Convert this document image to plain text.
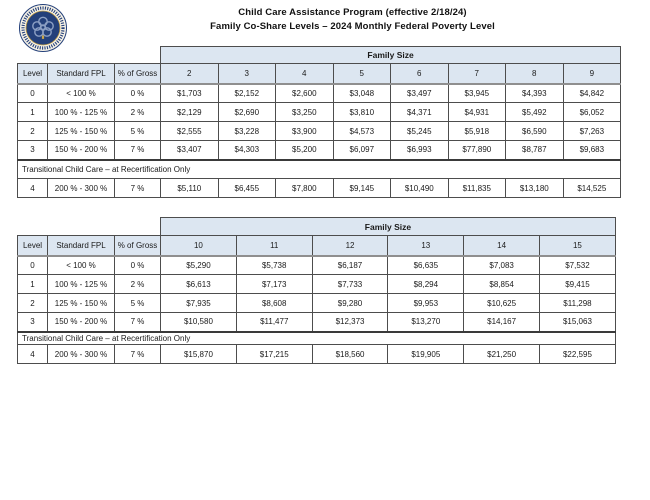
Child Care Assistance Program (effective 2/18/24)
Family Co-Share Levels – 2024 Monthly Federal Poverty Level
			Family Size							
Level	Standard FPL	% of Gross	2	3	4	5	6	7	8	9
0	< 100 %	0 %	$1,703	$2,152	$2,600	$3,048	$3,497	$3,945	$4,393	$4,842
1	100 % - 125 %	2 %	$2,129	$2,690	$3,250	$3,810	$4,371	$4,931	$5,492	$6,052
2	125 % - 150 %	5 %	$2,555	$3,228	$3,900	$4,573	$5,245	$5,918	$6,590	$7,263
3	150 % - 200 %	7 %	$3,407	$4,303	$5,200	$6,097	$6,993	$77,890	$8,787	$9,683
Transitional Child Care – at Recertification Only										
4	200 % - 300 %	7 %	$5,110	$6,455	$7,800	$9,145	$10,490	$11,835	$13,180	$14,525
			Family Size					
Level	Standard FPL	% of Gross	10	11	12	13	14	15
0	< 100 %	0 %	$5,290	$5,738	$6,187	$6,635	$7,083	$7,532
1	100 % - 125 %	2 %	$6,613	$7,173	$7,733	$8,294	$8,854	$9,415
2	125 % - 150 %	5 %	$7,935	$8,608	$9,280	$9,953	$10,625	$11,298
3	150 % - 200 %	7 %	$10,580	$11,477	$12,373	$13,270	$14,167	$15,063
Transitional Child Care – at Recertification Only								
4	200 % - 300 %	7 %	$15,870	$17,215	$18,560	$19,905	$21,250	$22,595
